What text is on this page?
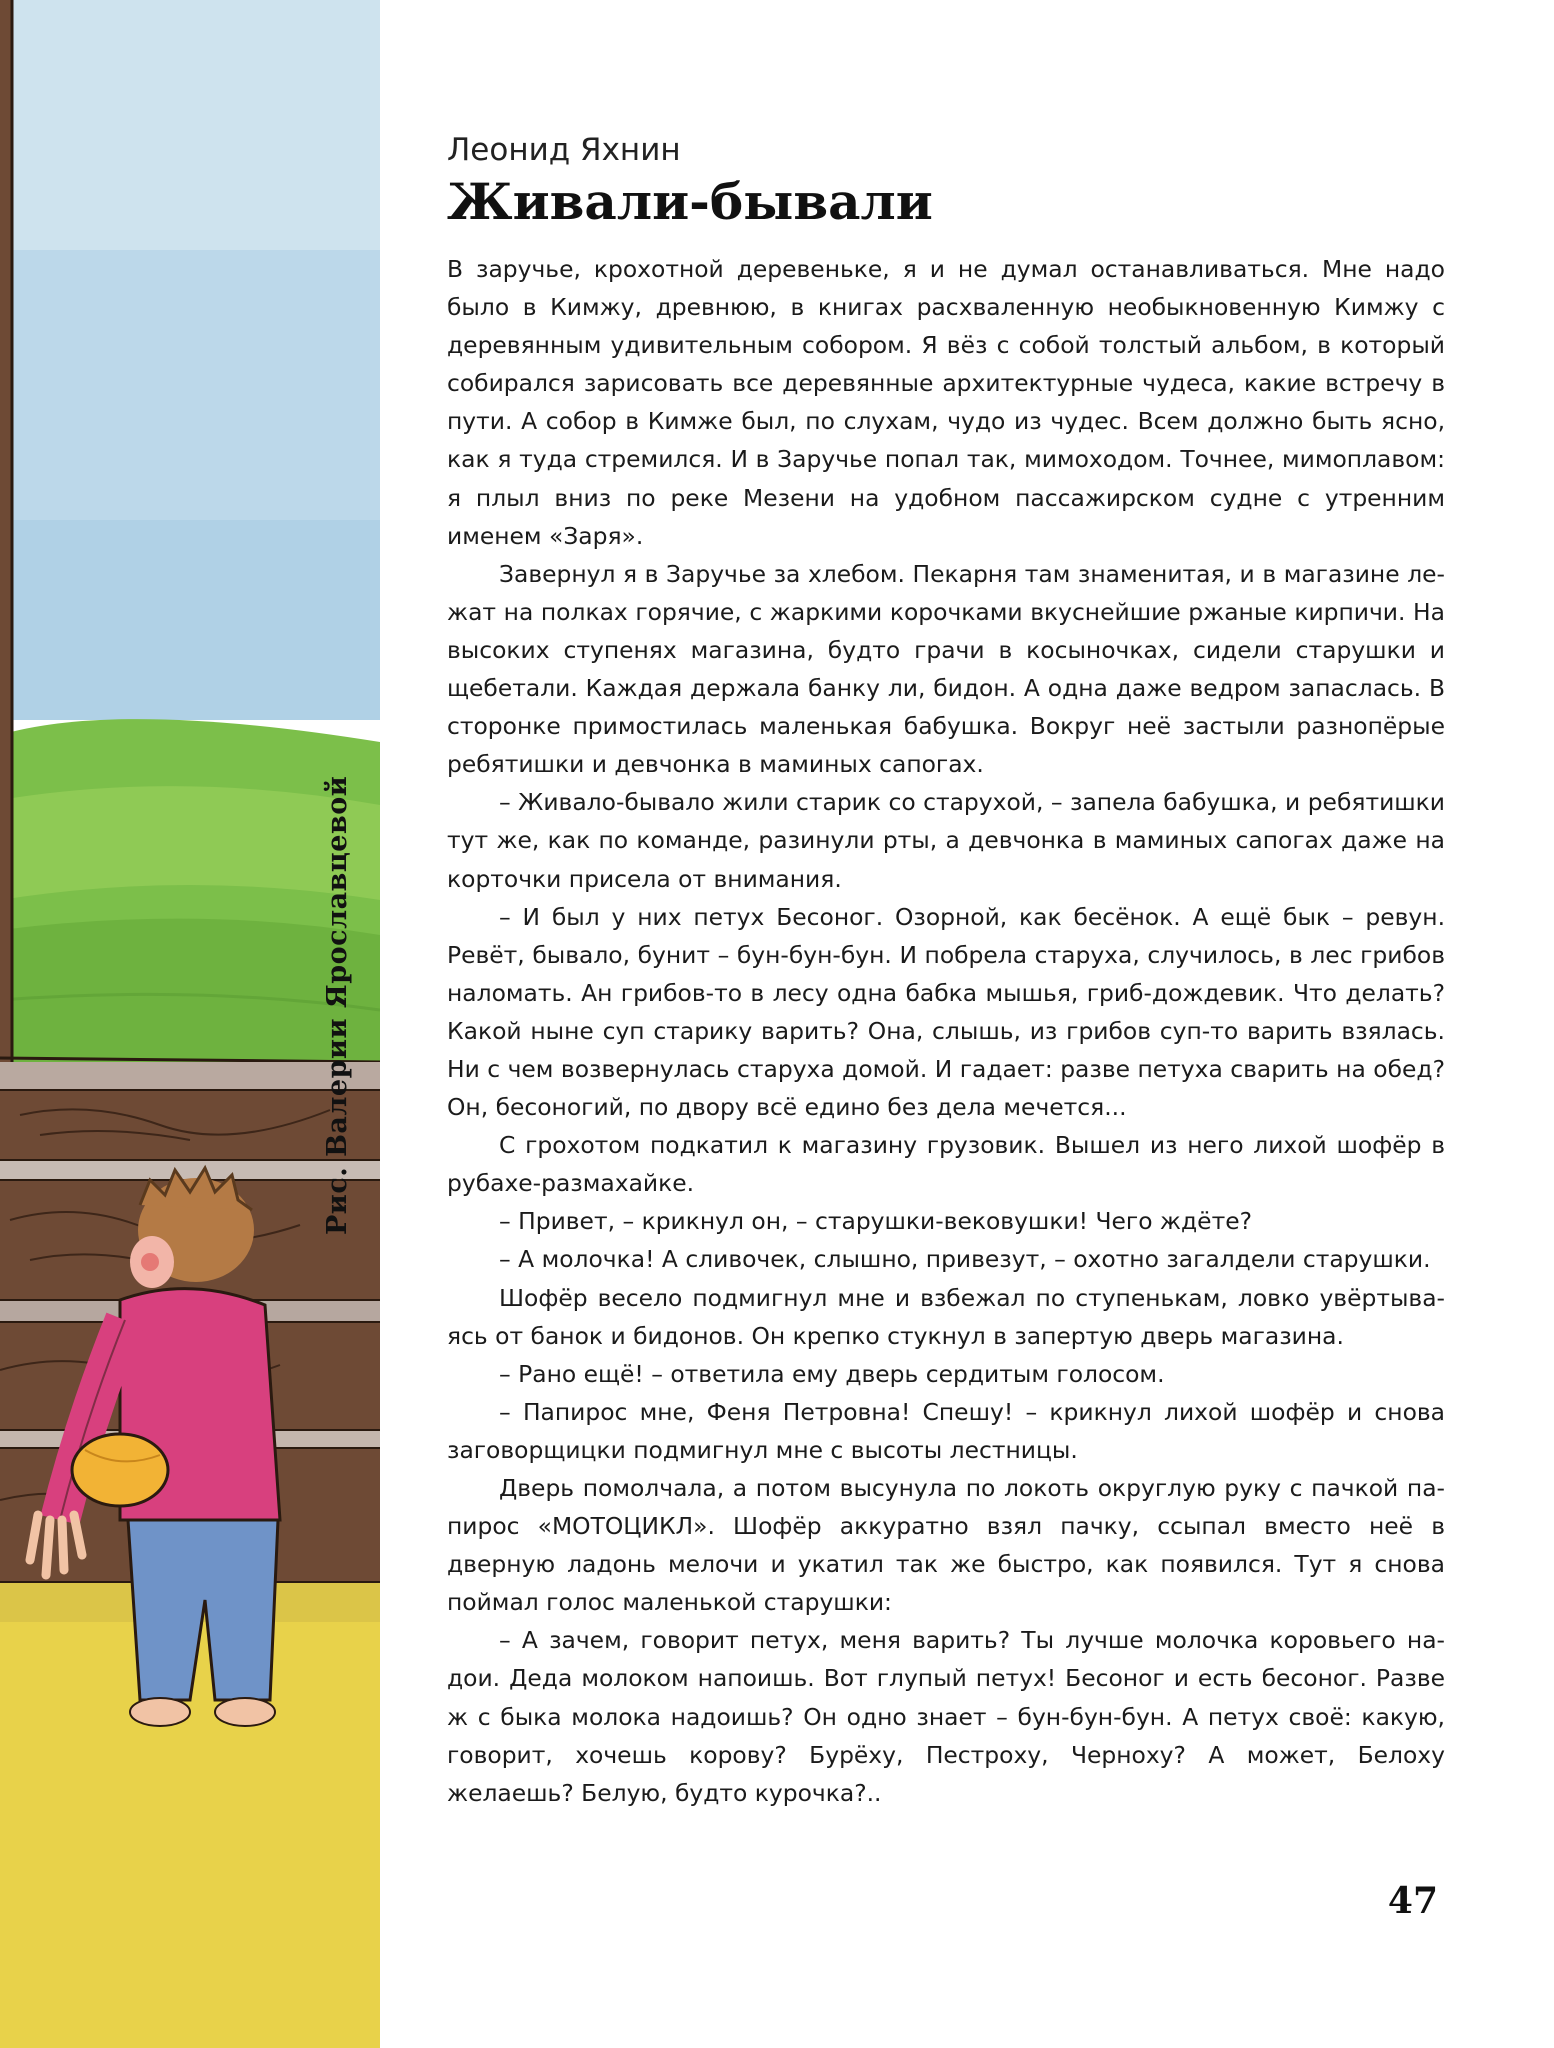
Рис. Валерии Ярославцевой

Леонид Яхнин

Живали-бывали

В заручье, крохотной деревеньке, я и не думал останавливаться. Мне надо было в Кимжу, древнюю, в книгах расхваленную необыкновенную Кимжу с деревянным удивительным собором. Я вёз с собой толстый альбом, в который собирался зарисовать все деревянные архитектурные чудеса, какие встречу в пути. А собор в Кимже был, по слухам, чудо из чудес. Всем должно быть ясно, как я туда стремился. И в Заручье попал так, мимоходом. Точнее, мимоплавом: я плыл вниз по реке Мезени на удобном пассажирском судне с утренним именем «Заря».

Завернул я в Заручье за хлебом. Пекарня там знаменитая, и в магазине лежат на полках горячие, с жаркими корочками вкуснейшие ржаные кирпичи. На высоких ступенях магазина, будто грачи в косыночках, сидели старушки и щебетали. Каждая держала банку ли, бидон. А одна даже ведром запаслась. В сторонке примостилась маленькая бабушка. Вокруг неё застыли разнопёрые ребятишки и девчонка в маминых сапогах.

– Живало-бывало жили старик со старухой, – запела бабушка, и ребятишки тут же, как по команде, разинули рты, а девчонка в маминых сапогах даже на корточки присела от внимания.

– И был у них петух Бесоног. Озорной, как бесёнок. А ещё бык – ревун. Ревёт, бывало, бунит – бун-бун-бун. И побрела старуха, случилось, в лес грибов наломать. Ан грибов-то в лесу одна бабка мышья, гриб-дождевик. Что делать? Какой ныне суп старику варить? Она, слышь, из грибов суп-то варить взялась. Ни с чем возвернулась старуха домой. И гадает: разве петуха сварить на обед? Он, бесоногий, по двору всё едино без дела мечется...

С грохотом подкатил к магазину грузовик. Вышел из него лихой шофёр в рубахе-размахайке.

– Привет, – крикнул он, – старушки-вековушки! Чего ждёте?

– А молочка! А сливочек, слышно, привезут, – охотно загалдели старушки.

Шофёр весело подмигнул мне и взбежал по ступенькам, ловко увёртываясь от банок и бидонов. Он крепко стукнул в запертую дверь магазина.

– Рано ещё! – ответила ему дверь сердитым голосом.

– Папирос мне, Феня Петровна! Спешу! – крикнул лихой шофёр и снова заговорщицки подмигнул мне с высоты лестницы.

Дверь помолчала, а потом высунула по локоть округлую руку с пачкой папирос «МОТОЦИКЛ». Шофёр аккуратно взял пачку, ссыпал вместо неё в дверную ладонь мелочи и укатил так же быстро, как появился. Тут я снова поймал голос маленькой старушки:

– А зачем, говорит петух, меня варить? Ты лучше молочка коровьего надои. Деда молоком напоишь. Вот глупый петух! Бесоног и есть бесоног. Разве ж с быка молока надоишь? Он одно знает – бун-бун-бун. А петух своё: какую, говорит, хочешь корову? Бурёху, Пестроху, Черноху? А может, Белоху желаешь? Белую, будто курочка?..

47
